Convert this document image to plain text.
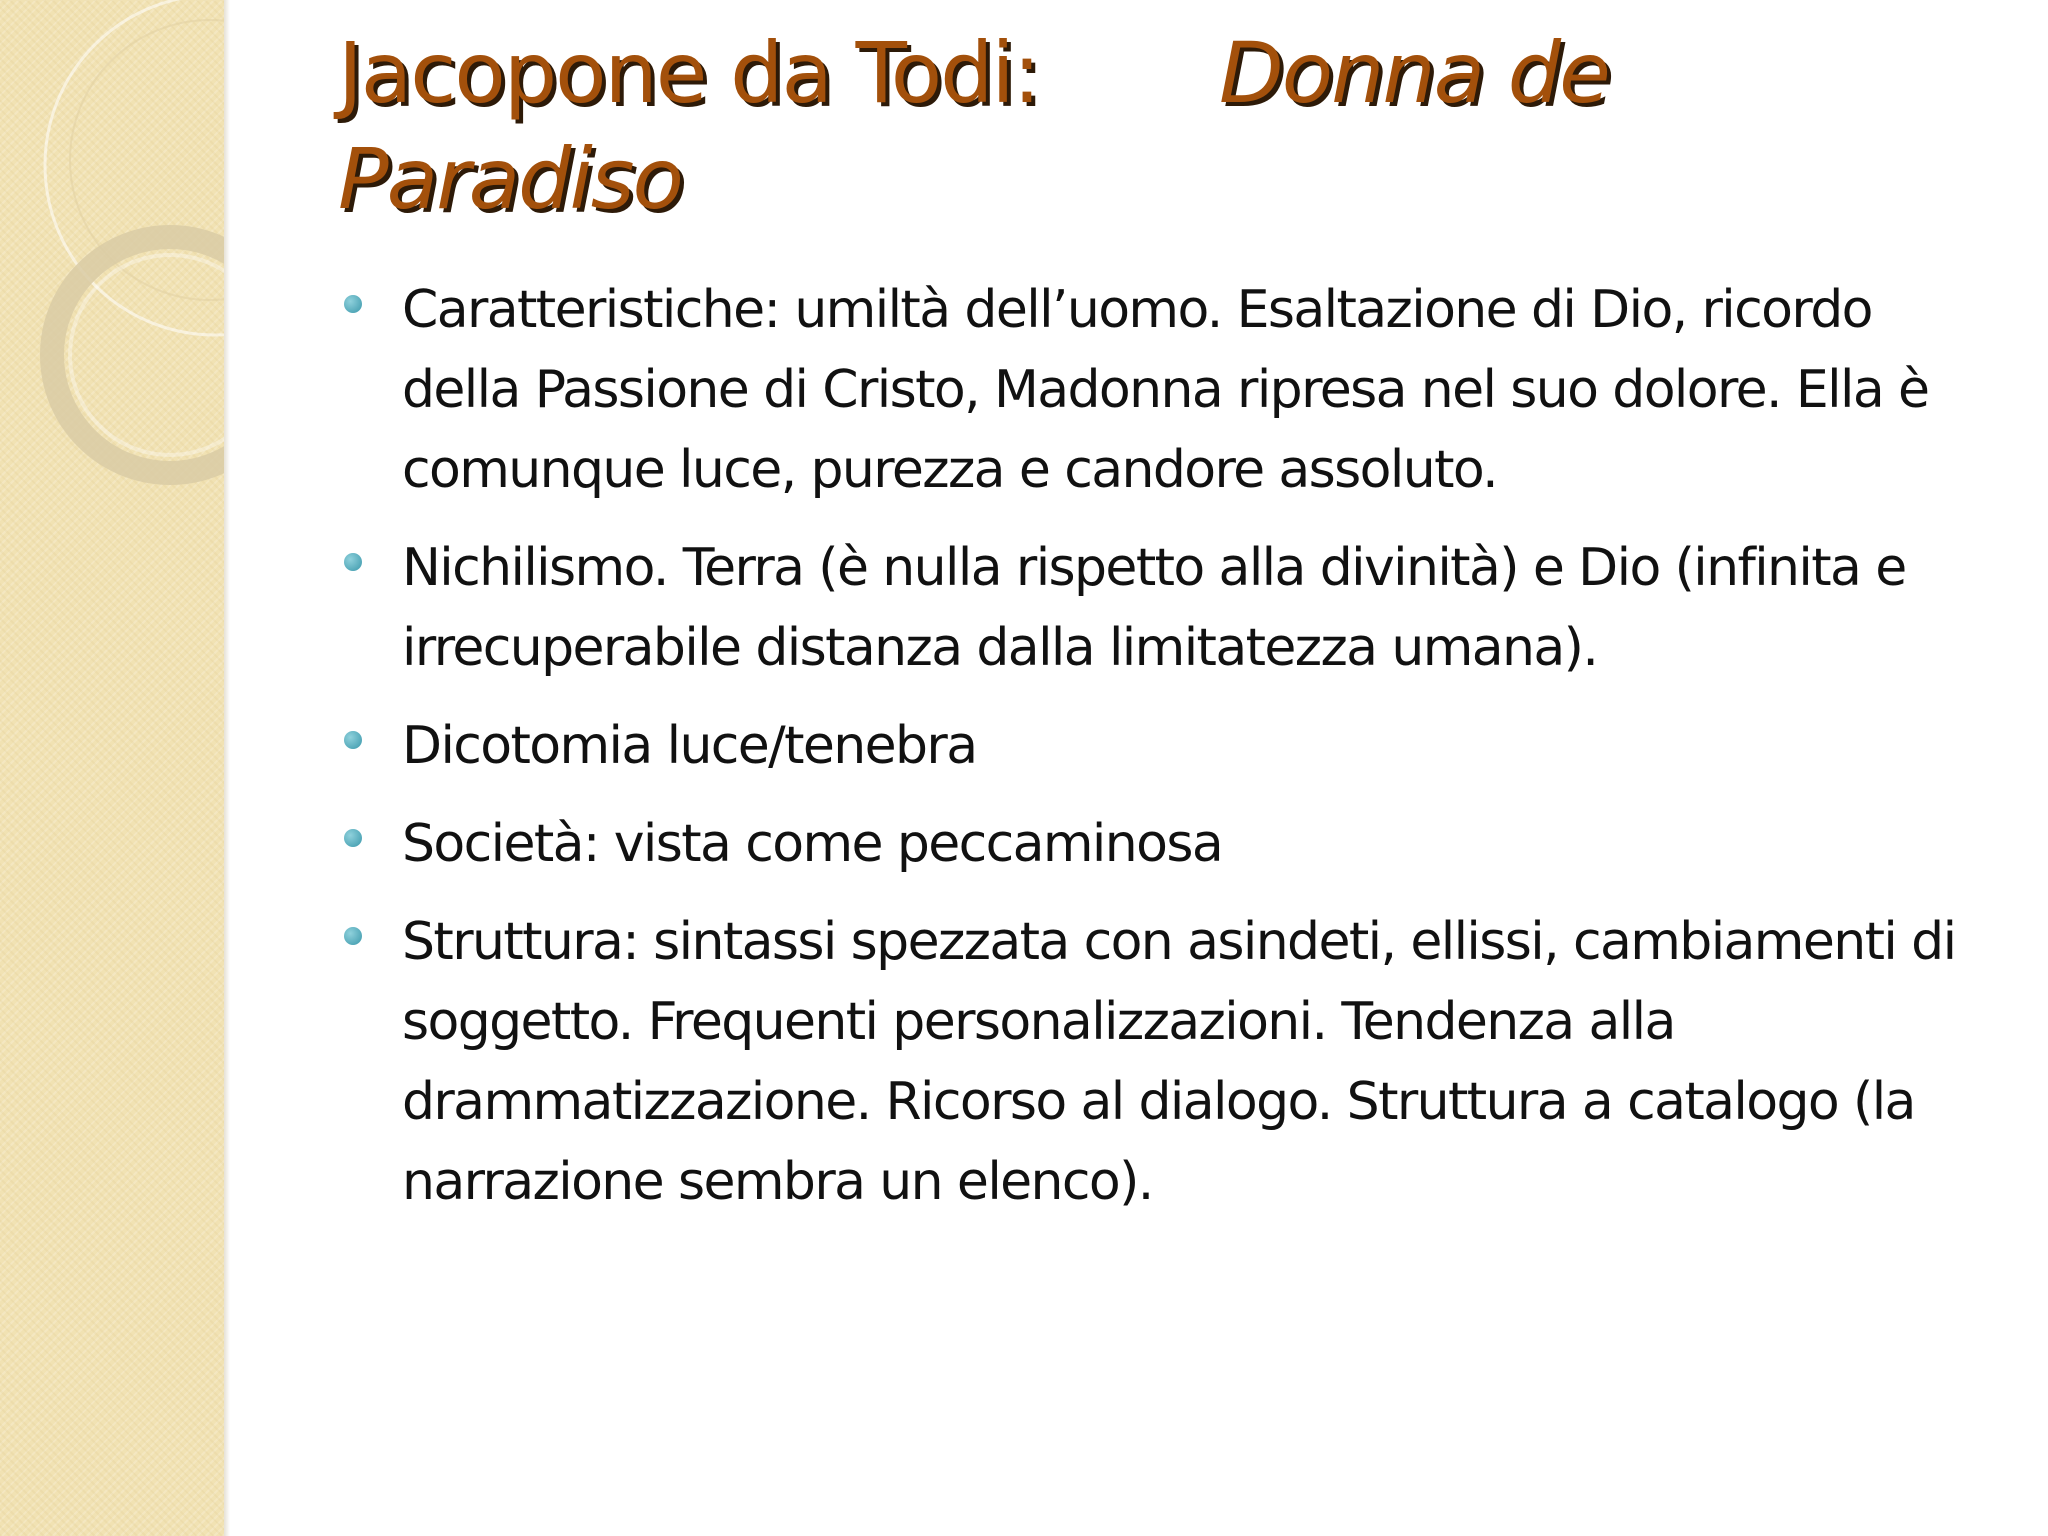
Jacopone da Todi: Donna de Paradiso
Caratteristiche: umiltà dell’uomo. Esaltazione di Dio, ricordo della Passione di Cristo, Madonna ripresa nel suo dolore. Ella è comunque luce, purezza e candore assoluto.
Nichilismo. Terra (è nulla rispetto alla divinità) e Dio (infinita e irrecuperabile distanza dalla limitatezza umana).
Dicotomia luce/tenebra
Società: vista come peccaminosa
Struttura: sintassi spezzata con asindeti, ellissi, cambiamenti di soggetto. Frequenti personalizzazioni. Tendenza alla drammatizzazione. Ricorso al dialogo. Struttura a catalogo (la narrazione sembra un elenco).
